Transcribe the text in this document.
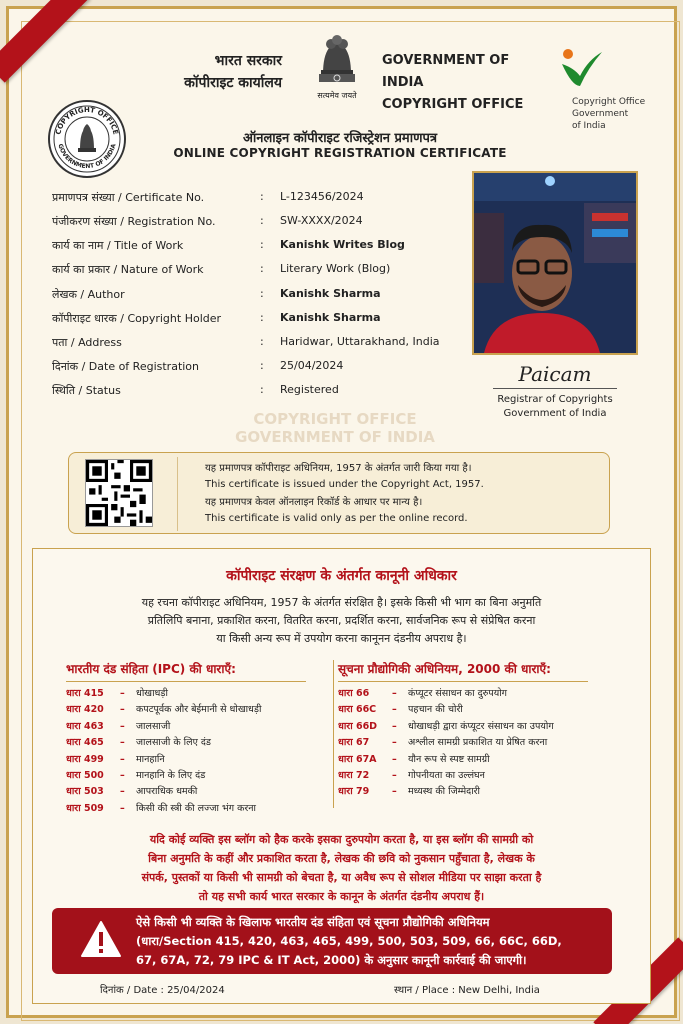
भारत सरकार
कॉपीराइट कार्यालय
सत्यमेव जयते
GOVERNMENT OF INDIA
COPYRIGHT OFFICE	Copyright Office
Government
of India
COPYRIGHT OFFICE
GOVERNMENT OF INDIA
ऑनलाइन कॉपीराइट रजिस्ट्रेशन प्रमाणपत्र
ONLINE COPYRIGHT REGISTRATION CERTIFICATE
प्रमाणपत्र संख्या / Certificate No.	:	L-123456/2024
पंजीकरण संख्या / Registration No.	:	SW-XXXX/2024
कार्य का नाम / Title of Work	:	Kanishk Writes Blog
कार्य का प्रकार / Nature of Work	:	Literary Work (Blog)
लेखक / Author	:	Kanishk Sharma
कॉपीराइट धारक / Copyright Holder	:	Kanishk Sharma
पता / Address	:	Haridwar, Uttarakhand, India
दिनांक / Date of Registration	:	25/04/2024
स्थिति / Status	:	Registered
Paicam
Registrar of Copyrights
Government of India
COPYRIGHT OFFICE
GOVERNMENT OF INDIA
यह प्रमाणपत्र कॉपीराइट अधिनियम, 1957 के अंतर्गत जारी किया गया है।
This certificate is issued under the Copyright Act, 1957.
यह प्रमाणपत्र केवल ऑनलाइन रिकॉर्ड के आधार पर मान्य है।
This certificate is valid only as per the online record.
कॉपीराइट संरक्षण के अंतर्गत कानूनी अधिकार
यह रचना कॉपीराइट अधिनियम, 1957 के अंतर्गत संरक्षित है। इसके किसी भी भाग का बिना अनुमति
प्रतिलिपि बनाना, प्रकाशित करना, वितरित करना, प्रदर्शित करना, सार्वजनिक रूप से संप्रेषित करना
या किसी अन्य रूप में उपयोग करना कानूनन दंडनीय अपराध है।
भारतीय दंड संहिता (IPC) की धाराएँ:
धारा 415	–	धोखाधड़ी
धारा 420	–	कपटपूर्वक और बेईमानी से धोखाधड़ी
धारा 463	–	जालसाजी
धारा 465	–	जालसाजी के लिए दंड
धारा 499	–	मानहानि
धारा 500	–	मानहानि के लिए दंड
धारा 503	–	आपराधिक धमकी
धारा 509	–	किसी की स्त्री की लज्जा भंग करना
सूचना प्रौद्योगिकी अधिनियम, 2000 की धाराएँ:
धारा 66	–	कंप्यूटर संसाधन का दुरुपयोग
धारा 66C	–	पहचान की चोरी
धारा 66D	–	धोखाधड़ी द्वारा कंप्यूटर संसाधन का उपयोग
धारा 67	–	अश्लील सामग्री प्रकाशित या प्रेषित करना
धारा 67A	–	यौन रूप से स्पष्ट सामग्री
धारा 72	–	गोपनीयता का उल्लंघन
धारा 79	–	मध्यस्थ की जिम्मेदारी
यदि कोई व्यक्ति इस ब्लॉग को हैक करके इसका दुरुपयोग करता है, या इस ब्लॉग की सामग्री को
बिना अनुमति के कहीं और प्रकाशित करता है, लेखक की छवि को नुकसान पहुँचाता है, लेखक के
संपर्क, पुस्तकों या किसी भी सामग्री को बेचता है, या अवैध रूप से सोशल मीडिया पर साझा करता है
तो यह सभी कार्य भारत सरकार के कानून के अंतर्गत दंडनीय अपराध हैं।
ऐसे किसी भी व्यक्ति के खिलाफ भारतीय दंड संहिता एवं सूचना प्रौद्योगिकी अधिनियम
(धारा/Section 415, 420, 463, 465, 499, 500, 503, 509, 66, 66C, 66D,
67, 67A, 72, 79 IPC & IT Act, 2000) के अनुसार कानूनी कार्रवाई की जाएगी।
दिनांक / Date : 25/04/2024	स्थान / Place : New Delhi, India
